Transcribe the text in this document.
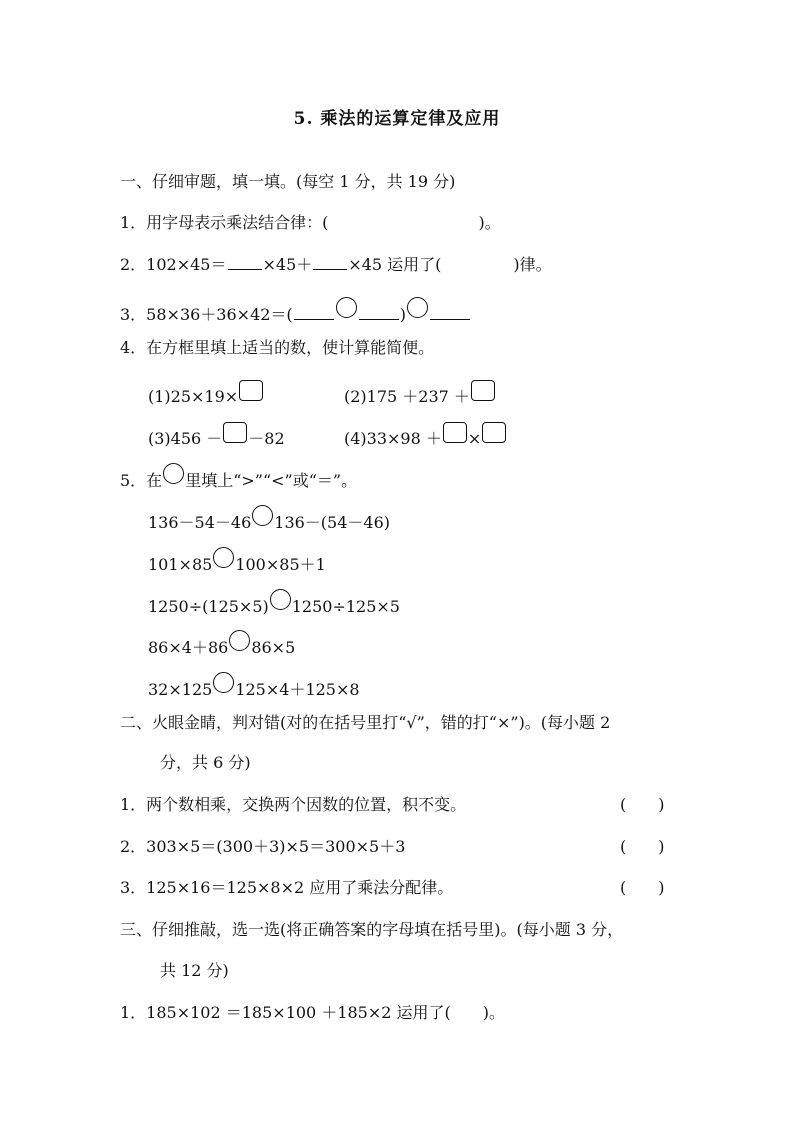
5. 乘法的运算定律及应用
一、仔细审题，填一填。(每空 1 分，共 19 分)
1．用字母表示乘法结合律：(	)。
2．102×45＝ ×45＋ ×45 运用了(	)律。
3．58×36＋36×42＝(	)
4．在方框里填上适当的数，使计算能简便。
(1)25×19×	(2)175 ＋237 ＋
(3)456 － －82	(4)33×98 ＋ ×
5．在 里填上“>”“<”或“＝”。
136－54－46 136－(54－46)
101×85 100×85＋1
1250÷(125×5) 1250÷125×5
86×4＋86 86×5
32×125 125×4＋125×8
二、火眼金睛，判对错(对的在括号里打“√”，错的打“×”)。(每小题 2
分，共 6 分)
1．两个数相乘，交换两个因数的位置，积不变。	(　　)
2．303×5＝(300＋3)×5＝300×5＋3	(　　)
3．125×16＝125×8×2 应用了乘法分配律。	(　　)
三、仔细推敲，选一选(将正确答案的字母填在括号里)。(每小题 3 分，
共 12 分)
1．185×102 ＝185×100 ＋185×2 运用了(　　)。
